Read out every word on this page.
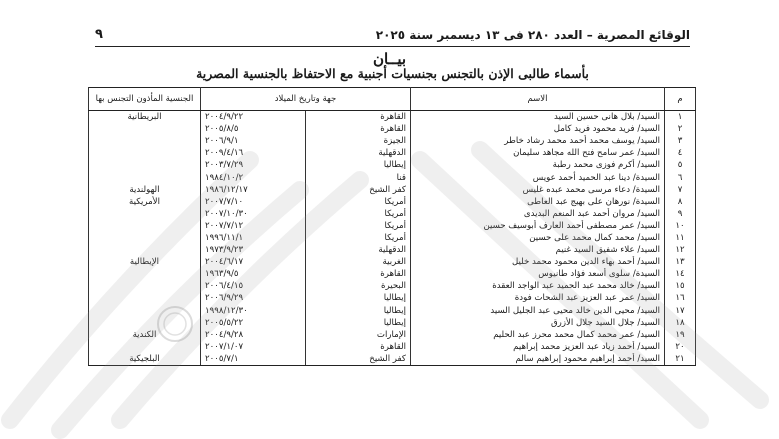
الوقائع المصرية – العدد ٢٨٠ فى ١٣ ديسمبر سنة ٢٠٢٥
٩
بيــان
بأسماء طالبى الإذن بالتجنس بجنسيات أجنبية مع الاحتفاظ بالجنسية المصرية
م	الاسم	جهة وتاريخ الميلاد		الجنسية المأذون التجنس بها
١	السيد/ بلال هانى حسين السيد	القاهرة	٢٠٠٤/٩/٢٢	البريطانية
٢	السيد/ فريد محمود فريد كامل	القاهرة	٢٠٠٥/٨/٥	
٣	السيد/ يوسف محمد أحمد محمد رشاد خاطر	الجيزة	٢٠٠٦/٩/١	
٤	السيد/ عمر سامح فتح الله مجاهد سليمان	الدقهلية	٢٠٠٩/٤/١٦	
٥	السيد/ أكرم فوزى محمد رطبة	إيطاليا	٢٠٠٣/٧/٢٩	
٦	السيدة/ دينا عبد الحميد أحمد عويس	قنا	١٩٨٤/١٠/٢	
٧	السيدة/ دعاء مرسى محمد عبده غليس	كفر الشيخ	١٩٨٦/١٢/١٧	الهولندية
٨	السيدة/ نورهان على بهيج عبد العاطى	أمريكا	٢٠٠٧/٧/١٠	الأمريكية
٩	السيد/ مروان أحمد عبد المنعم البديدى	أمريكا	٢٠٠٧/١٠/٣٠	
١٠	السيد/ عمر مصطفى أحمد العارف أبوسيف حسين	أمريكا	٢٠٠٧/٧/١٢	
١١	السيد/ محمد كمال محمد على حسين	أمريكا	١٩٩٦/١١/١	
١٢	السيد/ علاء شفيق السيد غنيم	الدقهلية	١٩٧٣/٩/٢٣	
١٣	السيد/ أحمد بهاء الدين محمود محمد خليل	الغربية	٢٠٠٤/٦/١٧	الإيطالية
١٤	السيدة/ سلوى أسعد فؤاد طانيوس	القاهرة	١٩٦٣/٩/٥	
١٥	السيد/ خالد محمد عبد الحميد عبد الواجد العقدة	البحيرة	٢٠٠٦/٤/١٥	
١٦	السيد/ عمر عبد العزيز عبد الشحات فودة	إيطاليا	٢٠٠٦/٩/٢٩	
١٧	السيد/ محيى الدين خالد محيى عبد الجليل السيد	إيطاليا	١٩٩٨/١٢/٣٠	
١٨	السيد/ جلال السيد جلال الأزرق	إيطاليا	٢٠٠٥/٥/٢٢	
١٩	السيد/ عمر محمد كمال محمد محرز عبد الحليم	الإمارات	٢٠٠٤/٩/٢٨	الكندية
٢٠	السيد/ أحمد زياد عبد العزيز محمد إبراهيم	القاهرة	٢٠٠٧/١/٠٧	
٢١	السيد/ أحمد إبراهيم محمود إبراهيم سالم	كفر الشيخ	٢٠٠٥/٧/١	البلجيكية
